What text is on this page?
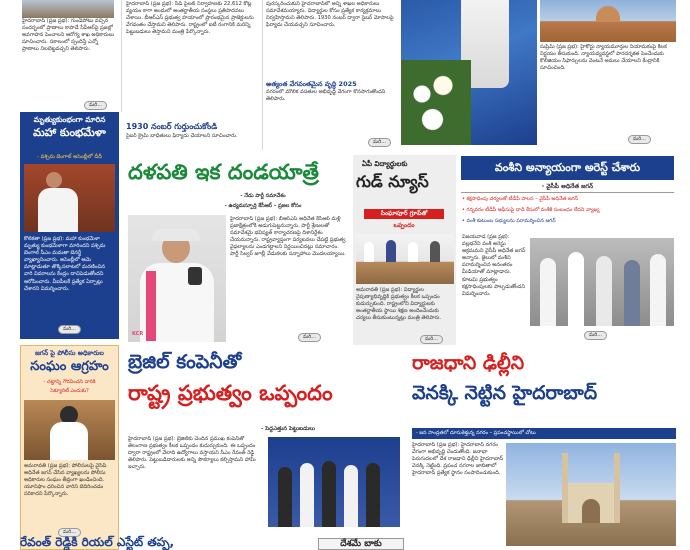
హైదరాబాద్‌ (ప్రజ ప్రభ): గుండెపోటు వచ్చిన సందర్భంలో ప్రాణాలు కాపాడే సీపీఆర్‌పై ప్రజల్లో అవగాహన పెంచాలని ఆరోగ్య శాఖ అధికారులు సూచించారు. సకాలంలో స్పందిస్తే ఎన్నో ప్రాణాలు నిలబెట్టవచ్చని తెలిపారు.
మరి...
హైదరాబాద్‌ (ప్రజ ప్రభ): సీడ్‌ పైలట్‌ నిర్వాహణకు 22,612 కోట్ల వ్యయం కాగా అందులో అంతర్జాతీయ సంస్థలు ప్రతిపాదనలు చేశాయి. బీఆర్‌ఎస్‌ ప్రభుత్వ హయాంలో ప్రారంభమైన ప్రాజెక్టులను వేగవంతం చేస్తామని తెలిపారు. రాష్ట్రంలో ఐటీ రంగానికి మరిన్ని పెట్టుబడులు తెస్తామని మంత్రి పేర్కొన్నారు.
1930 నంబర్‌ గుర్తుంచుకోండి
సైబర్‌ క్రైమ్‌ బాధితులు ఫిర్యాదు చేయాలని సూచించారు.
పురస్కరించుకుని హైదరాబాద్‌లో అన్ని శాఖల అధికారులు సమావేశమయ్యారు. విద్యార్థుల కోసం ప్రత్యేక కార్యక్రమాలు నిర్వహిస్తామని తెలిపారు. 1930 నంబర్‌ ద్వారా సైబర్‌ మోసాలపై ఫిర్యాదు చేయవచ్చని సూచించారు.
అత్యంత వేగవంతమైన వృద్ధి 2025
నగరంలో మౌలిక వసతుల అభివృద్ధి వేగంగా కొనసాగుతోందని తెలిపారు.
మరి...
సుప్రీమ్‌ (ప్రజ ప్రభ): హైకోర్టు న్యాయమూర్తుల నియామకంపై కీలక నిర్ణయం తీసుకుంది. న్యాయవ్యవస్థలో పారదర్శకత పెంచేందుకు కొలీజియం సిఫార్సులను వెంటనే అమలు చేయాలని కేంద్రానికి సూచించింది.
మరి...
మృత్యుకుంభంగా మారిన
మహా కుంభమేళా
- పశ్చిమ బెంగాల్‌ అసెంబ్లీలో దీదీ
కోల్‌కతా (ప్రజ ప్రభ): మహా కుంభమేళా మృత్యు కుంభమేళాగా మారిందని పశ్చిమ బెంగాల్‌ సీఎం మమతా బెనర్జీ వ్యాఖ్యానించారు. అసెంబ్లీలో ఆమె మాట్లాడుతూ తొక్కిసలాటలో మరణించిన వారి వివరాలను కేంద్రం దాచిపెడుతోందని ఆరోపించారు. వీఐపీలకే ప్రత్యేక ఏర్పాట్లు చేశారని విమర్శించారు.
మరి...
దళపతి ఇక దండయాత్రే
- నేడు పార్టీ సమావేశం
- ఉద్యమస్ఫూర్తి కేసీఆర్‌ – ప్రజల కోసం
KCR
హైదరాబాద్‌ (ప్రజ ప్రభ): బీఆర్‌ఎస్‌ అధినేత కేసీఆర్‌ మళ్లీ ప్రజాక్షేత్రంలోకి అడుగుపెట్టనున్నారు. పార్టీ శ్రేణులతో సమావేశమై భవిష్యత్‌ కార్యాచరణపై దిశానిర్దేశం చేయనున్నారు. రాష్ట్రవ్యాప్తంగా పర్యటనలు చేపట్టి ప్రభుత్వ వైఫల్యాలను ఎండగట్టాలని నిర్ణయించినట్లు సమాచారం. పార్టీ సిల్వర్‌ జూబ్లీ వేడుకలకు సన్నాహాలు మొదలయ్యాయి.
మరి...
ఏపీ విద్యార్థులకు
గుడ్‌ న్యూస్‌
సింఘాపూర్‌ గ్రూప్‌తో
ఒప్పందం
అమరావతి (ప్రజ ప్రభ): విద్యార్థుల నైపుణ్యాభివృద్ధికి ప్రభుత్వం కీలక ఒప్పందం కుదుర్చుకుంది. రాష్ట్రంలోని విద్యార్థులకు అంతర్జాతీయ స్థాయి శిక్షణ అందించేందుకు చర్యలు తీసుకుంటున్నట్లు మంత్రి తెలిపారు.
మరి...
వంశీని అన్యాయంగా అరెస్ట్‌ చేశారు
- వైసీపీ అధినేత జగన్‌
• కక్షసాధింపు చర్యలతో టీడీపీ పాలన – వైసీపీ అధినేత జగన్‌
• గన్నవరం టీడీపీ ఆఫీసుపై దాడి కేసులో వంశీకి సంబంధం లేదని వ్యాఖ్య
• వంశీ కుటుంబ సభ్యులను పరామర్శించిన జగన్‌
విజయవాడ (ప్రజ ప్రభ): వల్లభనేని వంశీ అరెస్టు అక్రమమని వైసీపీ అధినేత జగన్‌ అన్నారు. జైలులో వంశీని పరామర్శించిన అనంతరం మీడియాతో మాట్లాడారు. కూటమి ప్రభుత్వం కక్షసాధింపులకు పాల్పడుతోందని విమర్శించారు.
మరి...
జగన్‌ పై పోలీసు అధికారుల
సంఘం ఆగ్రహం
- చట్టాన్ని గౌరవించని వారికి
సెక్యూరిటీ ఎందుకు?
అమరావతి (ప్రజ ప్రభ): పోలీసులపై వైసీపీ అధినేత జగన్‌ చేసిన వ్యాఖ్యలను పోలీసు అధికారుల సంఘం తీవ్రంగా ఖండించింది. యూనిఫాం ధరించిన వారిని బెదిరించడం సరికాదని పేర్కొన్నారు.
మరి...
బ్రెజిల్‌ కంపెనీతో
రాష్ట్ర ప్రభుత్వం ఒప్పందం
- పెద్దఎత్తున పెట్టుబడులు
హైదరాబాద్‌ (ప్రజ ప్రభ): బ్రెజిల్‌కు చెందిన ప్రముఖ కంపెనీతో తెలంగాణ ప్రభుత్వం కీలక ఒప్పందం కుదుర్చుకుంది. ఈ ఒప్పందం ద్వారా రాష్ట్రంలో వేలాది ఉద్యోగాలు వస్తాయని సీఎం రేవంత్‌ రెడ్డి తెలిపారు. పెట్టుబడిదారులకు అన్ని సౌకర్యాలు కల్పిస్తామని హామీ ఇచ్చారు.
రాజధాని ఢిల్లీని
వెనక్కి నెట్టిన హైదరాబాద్‌
- జన సాంద్రతలో దూసుకెళ్తున్న నగరం – ప్రపంచస్థాయిలో చోటు
హైదరాబాద్‌ (ప్రజ ప్రభ): హైదరాబాద్‌ నగరం వేగంగా అభివృద్ధి చెందుతోంది. జనాభా పెరుగుదలలో దేశ రాజధాని ఢిల్లీని హైదరాబాద్‌ వెనక్కి నెట్టింది. ప్రపంచ నగరాల జాబితాలో హైదరాబాద్‌ ప్రత్యేక స్థానం సంపాదించుకుంది.
రేవంత్‌ రెడ్డికి రియల్‌ ఎస్టేట్‌ తప్ప,	దేశమే బాకు
